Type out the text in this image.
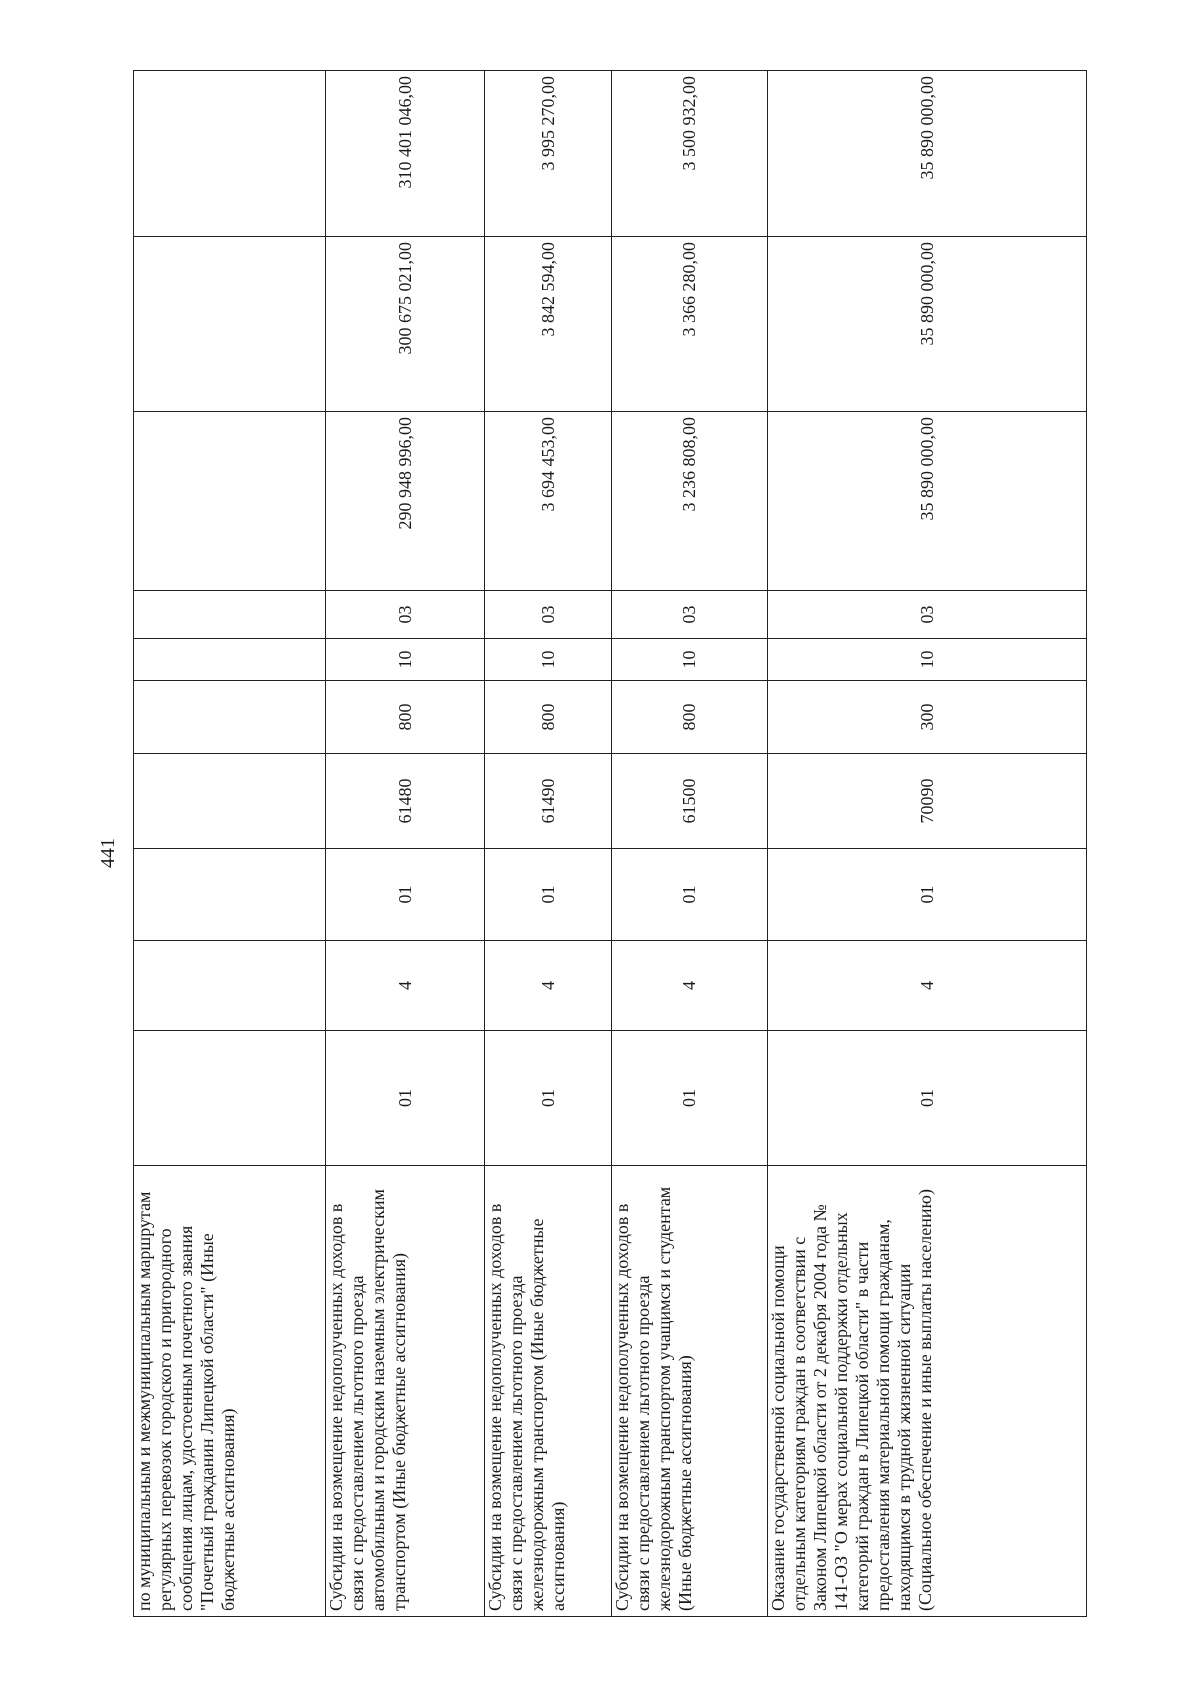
441
по муниципальным и межмуниципальным маршрутам регулярных перевозок городского и пригородного сообщения лицам, удостоенным почетного звания "Почетный гражданин Липецкой области" (Иные бюджетные ассигнования)										
Субсидии на возмещение недополученных доходов в связи с предоставлением льготного проезда автомобильным и городским наземным электрическим транспортом (Иные бюджетные ассигнования)	01	4	01	61480	800	10	03	290 948 996,00	300 675 021,00	310 401 046,00
Субсидии на возмещение недополученных доходов в связи с предоставлением льготного проезда железнодорожным транспортом (Иные бюджетные ассигнования)	01	4	01	61490	800	10	03	3 694 453,00	3 842 594,00	3 995 270,00
Субсидии на возмещение недополученных доходов в связи с предоставлением льготного проезда железнодорожным транспортом учащимся и студентам (Иные бюджетные ассигнования)	01	4	01	61500	800	10	03	3 236 808,00	3 366 280,00	3 500 932,00
Оказание государственной социальной помощи отдельным категориям граждан в соответствии с Законом Липецкой области от 2 декабря 2004 года № 141-ОЗ "О мерах социальной поддержки отдельных категорий граждан в Липецкой области" в части предоставления материальной помощи гражданам, находящимся в трудной жизненной ситуации (Социальное обеспечение и иные выплаты населению)	01	4	01	70090	300	10	03	35 890 000,00	35 890 000,00	35 890 000,00
